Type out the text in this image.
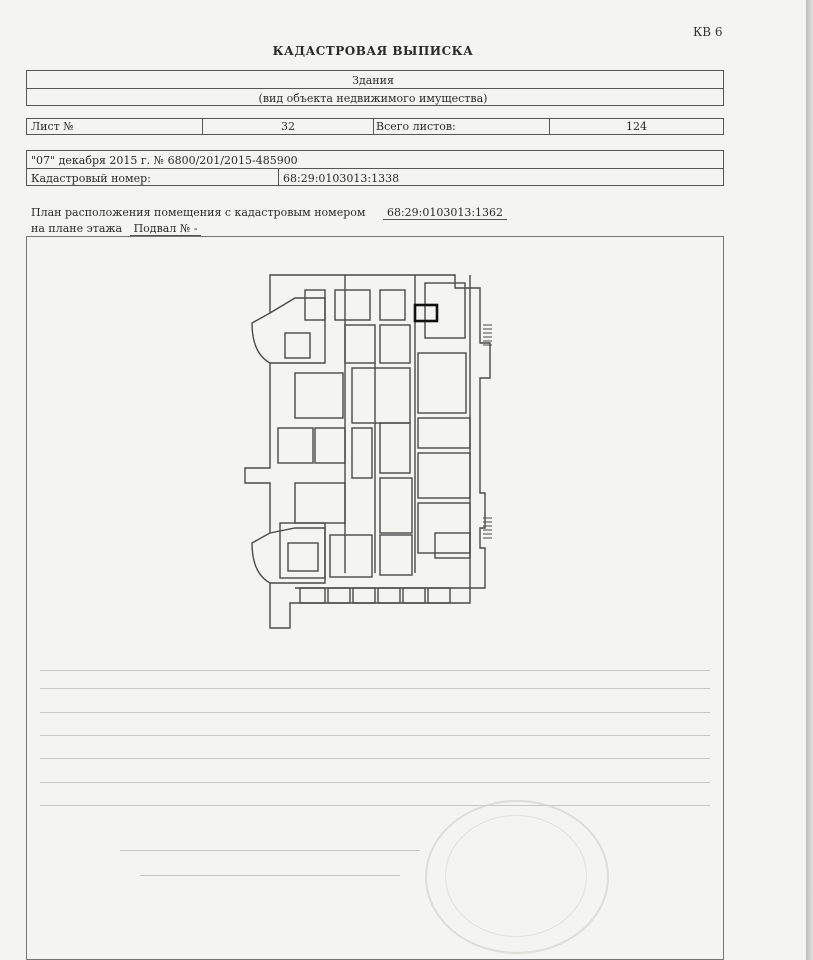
КВ 6
КАДАСТРОВАЯ ВЫПИСКА
Здания
(вид объекта недвижимого имущества)
Лист №	32	Всего листов:	124
"07" декабря 2015 г. № 6800/201/2015-485900
Кадастровый номер:	68:29:0103013:1338
План расположения помещения с кадастровым номером 68:29:0103013:1362
на плане этажа Подвал № -
